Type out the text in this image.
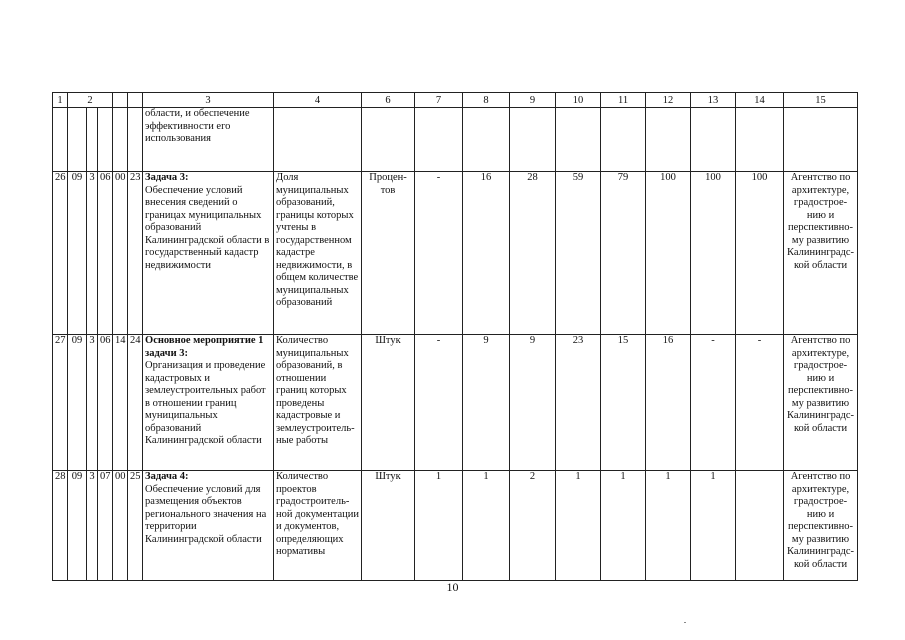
1	2					3	4	6	7	8	9	10	11	12	13	14	15
						области, и обеспечение эффективности его использования											
26	09	3	06	00	23	Задача 3:
Обеспечение условий внесения сведений о границах муниципальных образований Калининградской области в государственный кадастр недвижимости	Доля муниципальных образований, границы которых учтены в государственном кадастре недвижимости, в общем количестве муниципальных образований	Процен-тов	-	16	28	59	79	100	100	100	Агентство по архитектуре, градострое-нию и перспективно-му развитию Калининградс-кой области
27	09	3	06	14	24	Основное мероприятие 1 задачи 3:
Организация и проведение кадастровых и землеустроительных работ в отношении границ муниципальных образований Калининградской области	Количество муниципальных образований, в отношении границ которых проведены кадастровые и землеустроитель-ные работы	Штук	-	9	9	23	15	16	-	-	Агентство по архитектуре, градострое-нию и перспективно-му развитию Калининградс-кой области
28	09	3	07	00	25	Задача 4:
Обеспечение условий для размещения объектов регионального значения на территории Калининградской области	Количество проектов градостроитель-ной документации и документов, определяющих нормативы	Штук	1	1	2	1	1	1	1		Агентство по архитектуре, градострое-нию и перспективно-му развитию Калининградс-кой области
10
